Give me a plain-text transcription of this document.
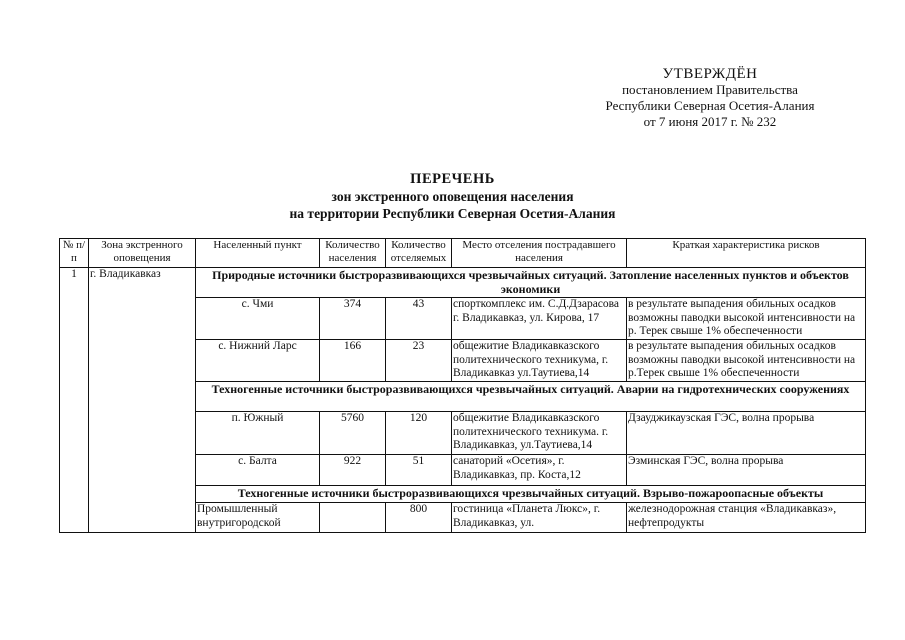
УТВЕРЖДЁН
постановлением Правительства
Республики Северная Осетия-Алания
от 7 июня 2017 г. № 232
ПЕРЕЧЕНЬ
зон экстренного оповещения населения
на территории Республики Северная Осетия-Алания
№ п/п	Зона экстренного оповещения	Населенный пункт	Количество населения	Количество отселяемых	Место отселения пострадавшего населения	Краткая характеристика рисков
1	г. Владикавказ	Природные источники быстроразвивающихся чрезвычайных ситуаций. Затопление населенных пунктов и объектов экономики				
		с. Чми	374	43	спорткомплекс им. С.Д.Дзарасова г. Владикавказ, ул. Кирова, 17	в результате выпадения обильных осадков возможны паводки высокой интенсивности на р. Терек свыше 1% обеспеченности
		с. Нижний Ларс	166	23	общежитие Владикавказского политехнического техникума, г. Владикавказ ул.Таутиева,14	в результате выпадения обильных осадков возможны паводки высокой интенсивности на р.Терек свыше 1% обеспеченности
		Техногенные источники быстроразвивающихся чрезвычайных ситуаций. Аварии на гидротехнических сооружениях				
		п. Южный	5760	120	общежитие Владикавказского политехнического техникума. г. Владикавказ, ул.Таутиева,14	Дзауджикаузская ГЭС, волна прорыва
		с. Балта	922	51	санаторий «Осетия», г. Владикавказ, пр. Коста,12	Эзминская ГЭС, волна прорыва
		Техногенные источники быстроразвивающихся чрезвычайных ситуаций. Взрыво-пожароопасные объекты				
		Промышленный внутригородской		800	гостиница «Планета Люкс», г. Владикавказ, ул.	железнодорожная станция «Владикавказ», нефтепродукты
